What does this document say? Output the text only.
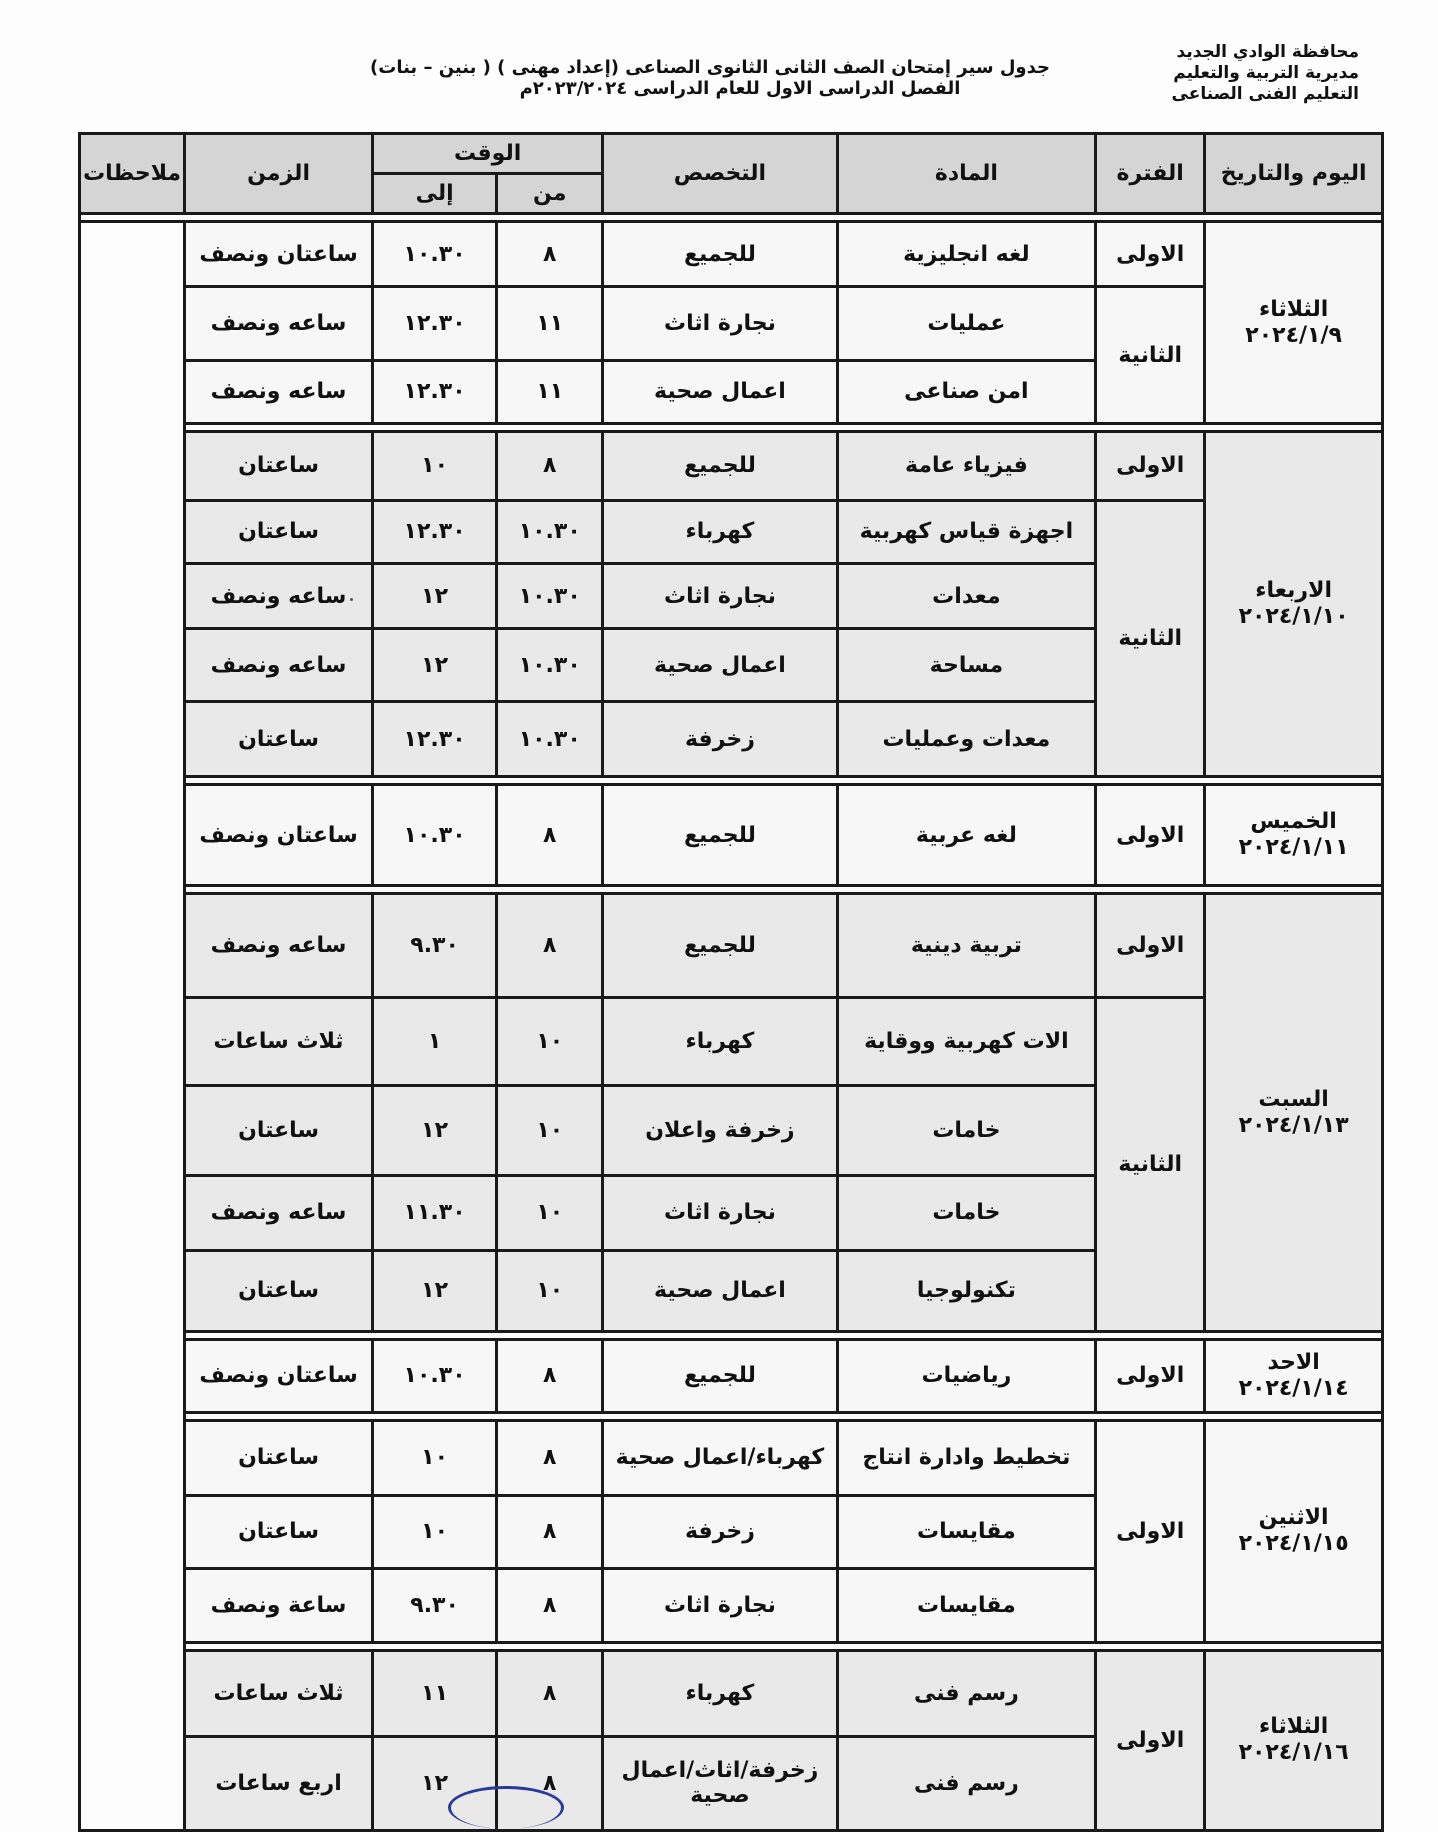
محافظة الوادي الجديد
مديرية التربية والتعليم
التعليم الفنى الصناعى
جدول سير إمتحان الصف الثانى الثانوى الصناعى (إعداد مهنى ) ( بنين – بنات)
الفصل الدراسى الاول للعام الدراسى ٢٠٢٣/٢٠٢٤م
اليوم والتاريخ	الفترة	المادة	التخصص	الوقت		الزمن	ملاحظات
				من	إلى		

الثلاثاء
٢٠٢٤/١/٩	الاولى	لغه انجليزية	للجميع	٨	١٠.٣٠	ساعتان ونصف	
	الثانية	عمليات	نجارة اثاث	١١	١٢.٣٠	ساعه ونصف	
		امن صناعى	اعمال صحية	١١	١٢.٣٠	ساعه ونصف	

الاربعاء
٢٠٢٤/١/١٠	الاولى	فيزياء عامة	للجميع	٨	١٠	ساعتان	
	الثانية	اجهزة قياس كهربية	كهرباء	١٠.٣٠	١٢.٣٠	ساعتان	
		معدات	نجارة اثاث	١٠.٣٠	١٢	ساعه ونصف	
		مساحة	اعمال صحية	١٠.٣٠	١٢	ساعه ونصف	
		معدات وعمليات	زخرفة	١٠.٣٠	١٢.٣٠	ساعتان	

الخميس
٢٠٢٤/١/١١	الاولى	لغه عربية	للجميع	٨	١٠.٣٠	ساعتان ونصف	

السبت
٢٠٢٤/١/١٣	الاولى	تربية دينية	للجميع	٨	٩.٣٠	ساعه ونصف	
	الثانية	الات كهربية ووقاية	كهرباء	١٠	١	ثلاث ساعات	
		خامات	زخرفة واعلان	١٠	١٢	ساعتان	
		خامات	نجارة اثاث	١٠	١١.٣٠	ساعه ونصف	
		تكنولوجيا	اعمال صحية	١٠	١٢	ساعتان	

الاحد
٢٠٢٤/١/١٤	الاولى	رياضيات	للجميع	٨	١٠.٣٠	ساعتان ونصف	

الاثنين
٢٠٢٤/١/١٥	الاولى	تخطيط وادارة انتاج	كهرباء/اعمال صحية	٨	١٠	ساعتان	
		مقايسات	زخرفة	٨	١٠	ساعتان	
		مقايسات	نجارة اثاث	٨	٩.٣٠	ساعة ونصف	

الثلاثاء
٢٠٢٤/١/١٦	الاولى	رسم فنى	كهرباء	٨	١١	ثلاث ساعات	
		رسم فنى	زخرفة/اثاث/اعمال صحية	٨	١٢	اربع ساعات	
